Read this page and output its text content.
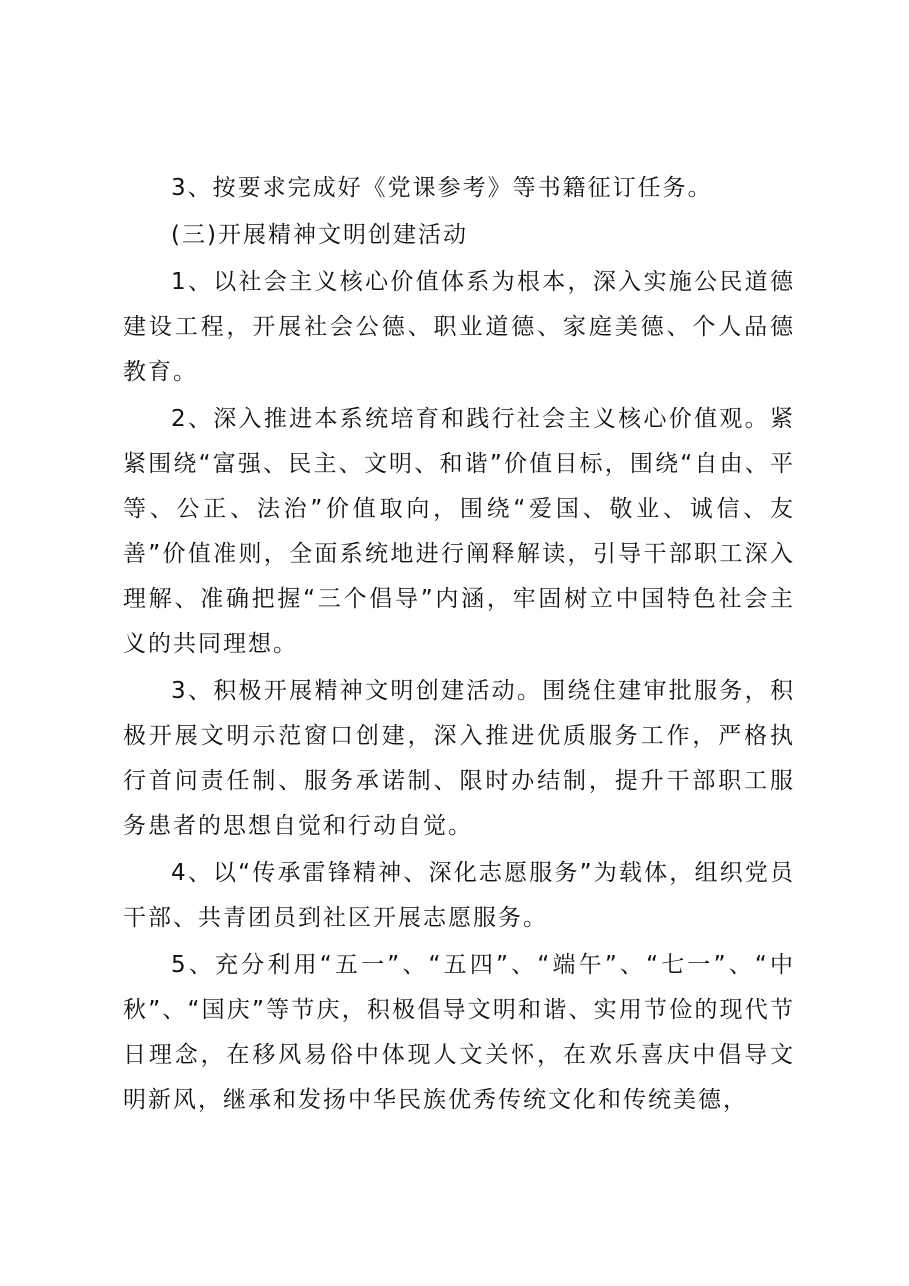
3、按要求完成好《党课参考》等书籍征订任务。

(三)开展精神文明创建活动

1、以社会主义核心价值体系为根本，深入实施公民道德建设工程，开展社会公德、职业道德、家庭美德、个人品德教育。

2、深入推进本系统培育和践行社会主义核心价值观。紧紧围绕“富强、民主、文明、和谐”价值目标，围绕“自由、平等、公正、法治”价值取向，围绕“爱国、敬业、诚信、友善”价值准则，全面系统地进行阐释解读，引导干部职工深入理解、准确把握“三个倡导”内涵，牢固树立中国特色社会主义的共同理想。

3、积极开展精神文明创建活动。围绕住建审批服务，积极开展文明示范窗口创建，深入推进优质服务工作，严格执行首问责任制、服务承诺制、限时办结制，提升干部职工服务患者的思想自觉和行动自觉。

4、以“传承雷锋精神、深化志愿服务”为载体，组织党员干部、共青团员到社区开展志愿服务。

5、充分利用“五一”、“五四”、“端午”、“七一”、“中秋”、“国庆”等节庆，积极倡导文明和谐、实用节俭的现代节日理念，在移风易俗中体现人文关怀，在欢乐喜庆中倡导文明新风，继承和发扬中华民族优秀传统文化和传统美德，
